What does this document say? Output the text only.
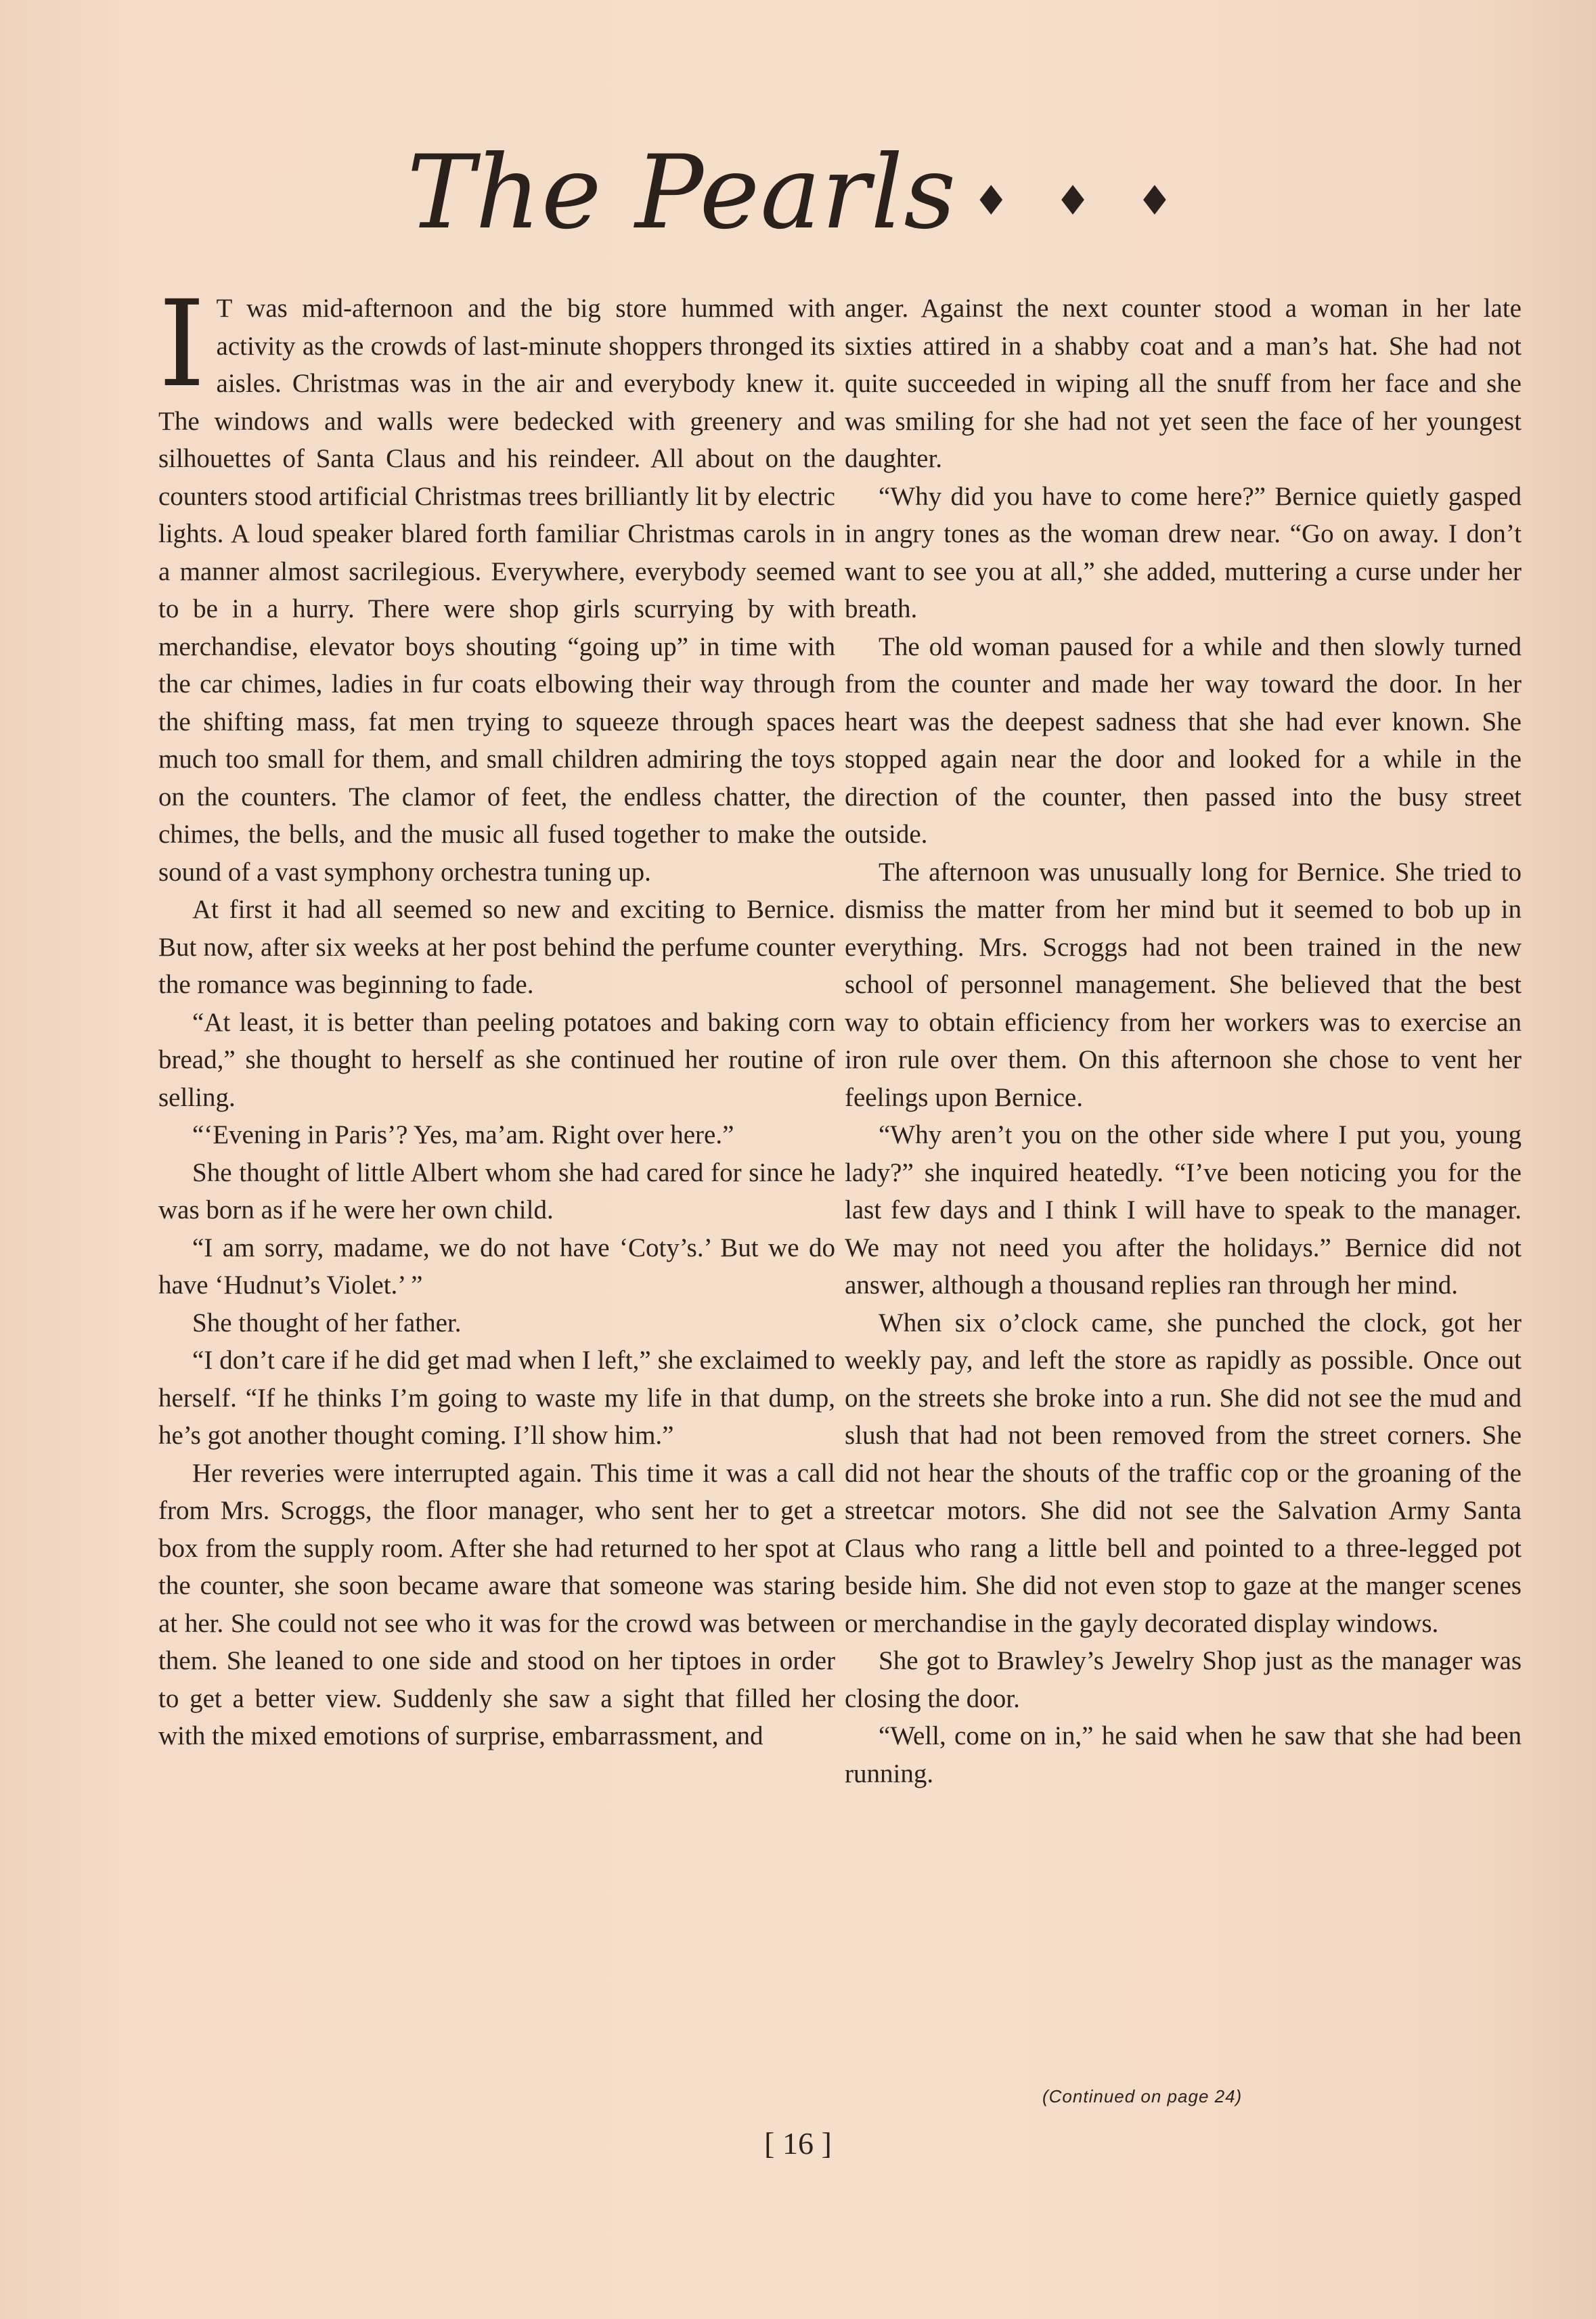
The Pearls ♦ ♦ ♦

I T was mid-afternoon and the big store hummed with activity as the crowds of last-minute shoppers thronged its aisles. Christmas was in the air and everybody knew it. The windows and walls were bedecked with greenery and silhouettes of Santa Claus and his reindeer. All about on the counters stood artificial Christmas trees brilliantly lit by electric lights. A loud speaker blared forth familiar Christmas carols in a manner almost sacrilegious. Everywhere, everybody seemed to be in a hurry. There were shop girls scurrying by with merchandise, elevator boys shouting “going up” in time with the car chimes, ladies in fur coats elbowing their way through the shifting mass, fat men trying to squeeze through spaces much too small for them, and small children admiring the toys on the counters. The clamor of feet, the endless chatter, the chimes, the bells, and the music all fused together to make the sound of a vast symphony orchestra tuning up.

At first it had all seemed so new and exciting to Bernice. But now, after six weeks at her post behind the perfume counter the romance was beginning to fade.

“At least, it is better than peeling potatoes and baking corn bread,” she thought to herself as she continued her routine of selling.

“‘Evening in Paris’? Yes, ma’am. Right over here.”

She thought of little Albert whom she had cared for since he was born as if he were her own child.

“I am sorry, madame, we do not have ‘Coty’s.’ But we do have ‘Hudnut’s Violet.’ ”

She thought of her father.

“I don’t care if he did get mad when I left,” she exclaimed to herself. “If he thinks I’m going to waste my life in that dump, he’s got another thought coming. I’ll show him.”

Her reveries were interrupted again. This time it was a call from Mrs. Scroggs, the floor manager, who sent her to get a box from the supply room. After she had returned to her spot at the counter, she soon became aware that someone was staring at her. She could not see who it was for the crowd was between them. She leaned to one side and stood on her tiptoes in order to get a better view. Suddenly she saw a sight that filled her with the mixed emotions of surprise, embarrassment, and

anger. Against the next counter stood a woman in her late sixties attired in a shabby coat and a man’s hat. She had not quite succeeded in wiping all the snuff from her face and she was smiling for she had not yet seen the face of her youngest daughter.

“Why did you have to come here?” Bernice quietly gasped in angry tones as the woman drew near. “Go on away. I don’t want to see you at all,” she added, muttering a curse under her breath.

The old woman paused for a while and then slowly turned from the counter and made her way toward the door. In her heart was the deepest sadness that she had ever known. She stopped again near the door and looked for a while in the direction of the counter, then passed into the busy street outside.

The afternoon was unusually long for Bernice. She tried to dismiss the matter from her mind but it seemed to bob up in everything. Mrs. Scroggs had not been trained in the new school of personnel management. She believed that the best way to obtain efficiency from her workers was to exercise an iron rule over them. On this afternoon she chose to vent her feelings upon Bernice.

“Why aren’t you on the other side where I put you, young lady?” she inquired heatedly. “I’ve been noticing you for the last few days and I think I will have to speak to the manager. We may not need you after the holidays.” Bernice did not answer, although a thousand replies ran through her mind.

When six o’clock came, she punched the clock, got her weekly pay, and left the store as rapidly as possible. Once out on the streets she broke into a run. She did not see the mud and slush that had not been removed from the street corners. She did not hear the shouts of the traffic cop or the groaning of the streetcar motors. She did not see the Salvation Army Santa Claus who rang a little bell and pointed to a three-legged pot beside him. She did not even stop to gaze at the manger scenes or merchandise in the gayly decorated display windows.

She got to Brawley’s Jewelry Shop just as the manager was closing the door.

“Well, come on in,” he said when he saw that she had been running.

(Continued on page 24)
[ 16 ]
